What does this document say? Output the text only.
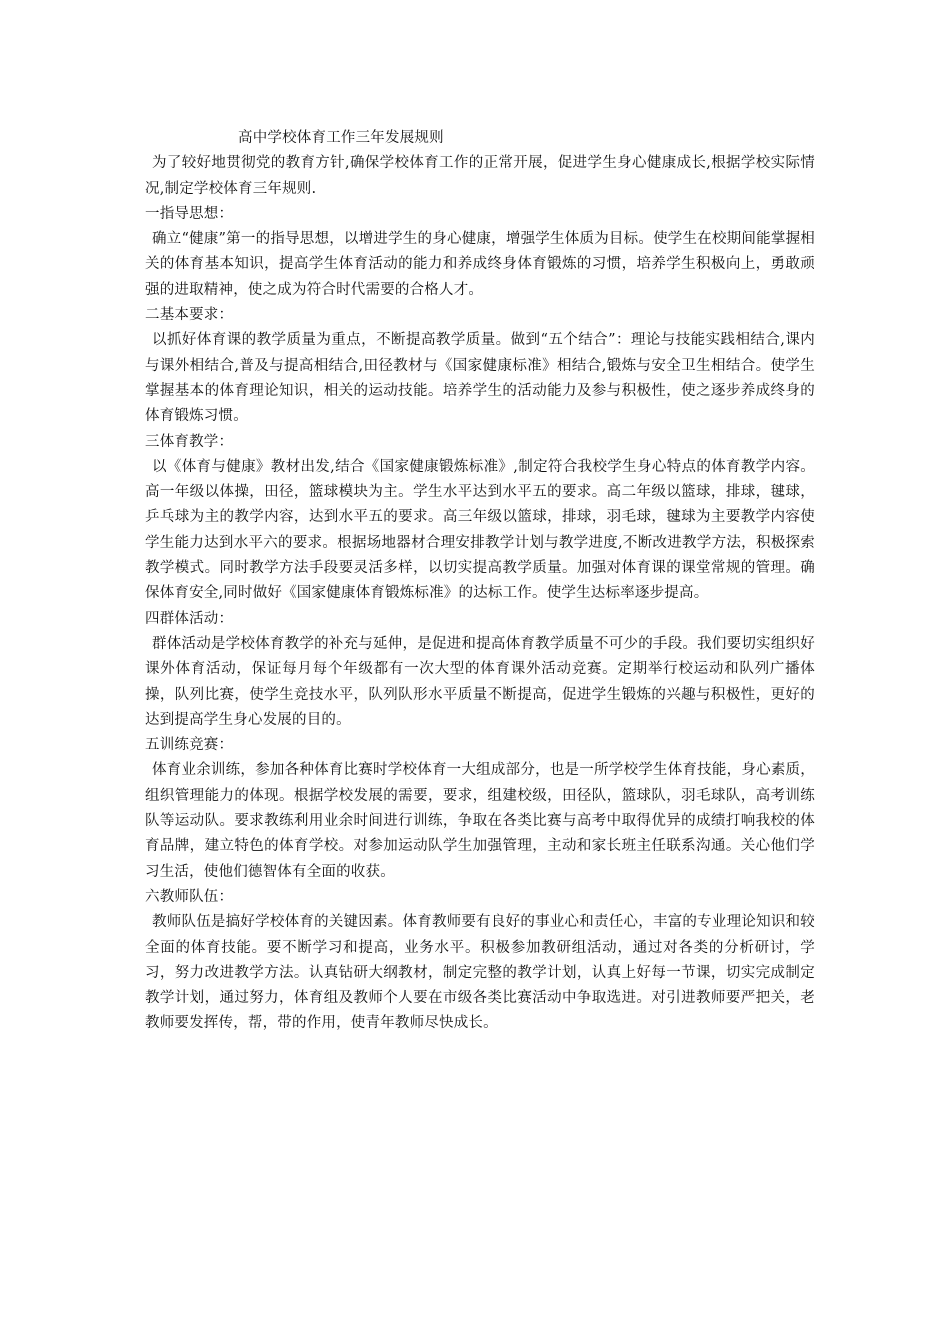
高中学校体育工作三年发展规则

为了较好地贯彻党的教育方针,确保学校体育工作的正常开展，促进学生身心健康成长,根据学校实际情况,制定学校体育三年规则.

一指导思想：

确立“健康”第一的指导思想，以增进学生的身心健康，增强学生体质为目标。使学生在校期间能掌握相关的体育基本知识，提高学生体育活动的能力和养成终身体育锻炼的习惯，培养学生积极向上，勇敢顽强的进取精神，使之成为符合时代需要的合格人才。

二基本要求：

以抓好体育课的教学质量为重点，不断提高教学质量。做到“五个结合”：理论与技能实践相结合,课内与课外相结合,普及与提高相结合,田径教材与《国家健康标准》相结合,锻炼与安全卫生相结合。使学生掌握基本的体育理论知识，相关的运动技能。培养学生的活动能力及参与积极性，使之逐步养成终身的体育锻炼习惯。

三体育教学：

以《体育与健康》教材出发,结合《国家健康锻炼标准》,制定符合我校学生身心特点的体育教学内容。高一年级以体操，田径，篮球模块为主。学生水平达到水平五的要求。高二年级以篮球，排球，毽球，乒乓球为主的教学内容，达到水平五的要求。高三年级以篮球，排球，羽毛球，毽球为主要教学内容使学生能力达到水平六的要求。根据场地器材合理安排教学计划与教学进度,不断改进教学方法，积极探索教学模式。同时教学方法手段要灵活多样，以切实提高教学质量。加强对体育课的课堂常规的管理。确保体育安全,同时做好《国家健康体育锻炼标准》的达标工作。使学生达标率逐步提高。

四群体活动：

群体活动是学校体育教学的补充与延伸，是促进和提高体育教学质量不可少的手段。我们要切实组织好课外体育活动，保证每月每个年级都有一次大型的体育课外活动竞赛。定期举行校运动和队列广播体操，队列比赛，使学生竞技水平，队列队形水平质量不断提高，促进学生锻炼的兴趣与积极性，更好的达到提高学生身心发展的目的。

五训练竞赛：

体育业余训练，参加各种体育比赛时学校体育一大组成部分，也是一所学校学生体育技能，身心素质，组织管理能力的体现。根据学校发展的需要，要求，组建校级，田径队，篮球队，羽毛球队，高考训练队等运动队。要求教练利用业余时间进行训练，争取在各类比赛与高考中取得优异的成绩打响我校的体育品牌，建立特色的体育学校。对参加运动队学生加强管理，主动和家长班主任联系沟通。关心他们学习生活，使他们德智体有全面的收获。

六教师队伍：

教师队伍是搞好学校体育的关键因素。体育教师要有良好的事业心和责任心，丰富的专业理论知识和较全面的体育技能。要不断学习和提高，业务水平。积极参加教研组活动，通过对各类的分析研讨，学习，努力改进教学方法。认真钻研大纲教材，制定完整的教学计划，认真上好每一节课，切实完成制定教学计划，通过努力，体育组及教师个人要在市级各类比赛活动中争取选进。对引进教师要严把关，老教师要发挥传，帮，带的作用，使青年教师尽快成长。
